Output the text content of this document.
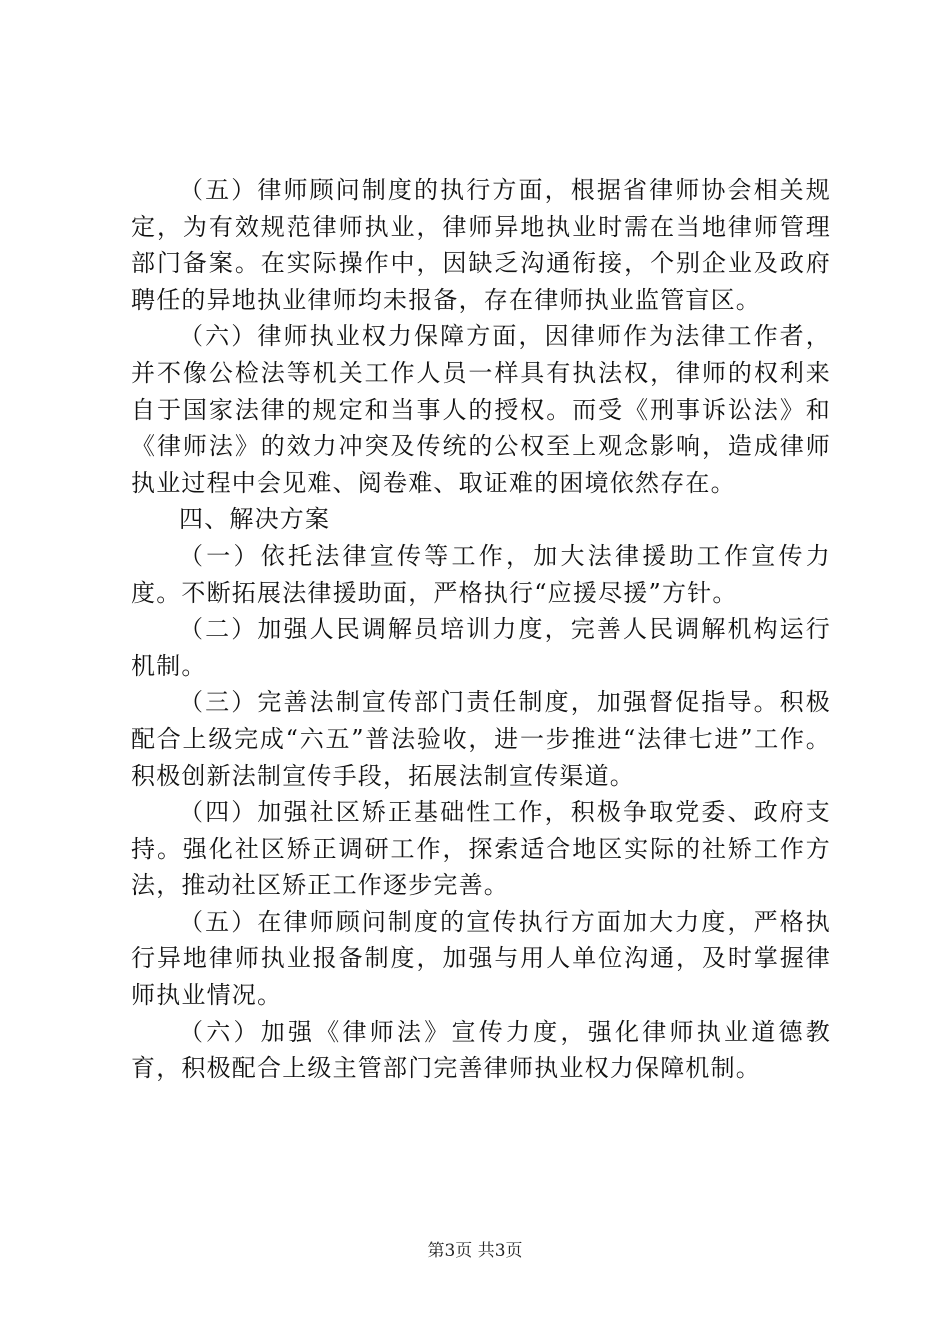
（五）律师顾问制度的执行方面，根据省律师协会相关规定，为有效规范律师执业，律师异地执业时需在当地律师管理部门备案。在实际操作中，因缺乏沟通衔接，个别企业及政府聘任的异地执业律师均未报备，存在律师执业监管盲区。

（六）律师执业权力保障方面，因律师作为法律工作者，并不像公检法等机关工作人员一样具有执法权，律师的权利来自于国家法律的规定和当事人的授权。而受《刑事诉讼法》和《律师法》的效力冲突及传统的公权至上观念影响，造成律师执业过程中会见难、阅卷难、取证难的困境依然存在。

四、解决方案

（一）依托法律宣传等工作，加大法律援助工作宣传力度。不断拓展法律援助面，严格执行“应援尽援”方针。

（二）加强人民调解员培训力度，完善人民调解机构运行机制。

（三）完善法制宣传部门责任制度，加强督促指导。积极配合上级完成“六五”普法验收，进一步推进“法律七进”工作。积极创新法制宣传手段，拓展法制宣传渠道。

（四）加强社区矫正基础性工作，积极争取党委、政府支持。强化社区矫正调研工作，探索适合地区实际的社矫工作方法，推动社区矫正工作逐步完善。

（五）在律师顾问制度的宣传执行方面加大力度，严格执行异地律师执业报备制度，加强与用人单位沟通，及时掌握律师执业情况。

（六）加强《律师法》宣传力度，强化律师执业道德教育，积极配合上级主管部门完善律师执业权力保障机制。

第3页 共3页
